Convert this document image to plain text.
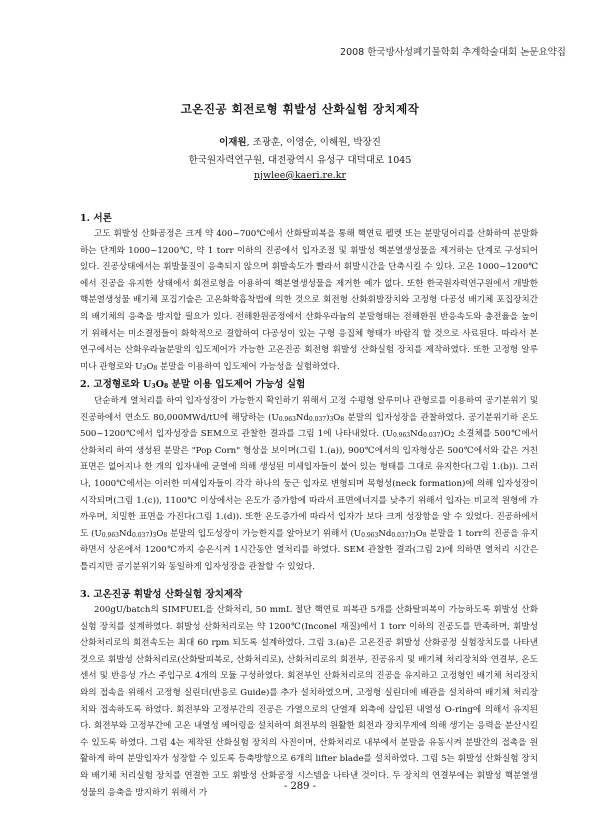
2008 한국방사성폐기물학회 추계학술대회 논문요약집
고온진공 회전로형 휘발성 산화실험 장치제작
이재원, 조광훈, 이영순, 이해원, 박장진
한국원자력연구원, 대전광역시 유성구 대덕대로 1045
njwlee@kaeri.re.kr
1. 서론
고도 휘발성 산화공정은 크게 약 400~700℃에서 산화탈피복을 통해 핵연료 펠렛 또는 분말덩어리를 산화하여 분말화 하는 단계와 1000~1200℃, 약 1 torr 이하의 진공에서 입자조절 및 휘발성 핵분열생성물을 제거하는 단계로 구성되어 있다. 진공상태에서는 휘발물질이 응축되지 않으며 휘발속도가 빨라서 휘발시간을 단축시킬 수 있다. 고온 1000~1200℃에서 진공을 유지한 상태에서 회전로형을 이용하여 핵분열생성물을 제거한 예가 없다. 또한 한국원자력연구원에서 개발한 핵분열생성물 배기체 포집기술은 고온화학흡착법에 의한 것으로 회전형 산화휘발장치와 고정형 다공성 배기체 포집장치간의 배기체의 응축을 방지할 필요가 있다. 전해환원공정에서 산화우라늄의 분말형태는 전해환원 반응속도와 충전율을 높이기 위해서는 미소결정들이 화학적으로 결합하여 다공성이 있는 구형 응집체 형태가 바람직 할 것으로 사료된다. 따라서 본 연구에서는 산화우라늄분말의 입도제어가 가능한 고온진공 회전형 휘발성 산화실험 장치를 제작하였다. 또한 고정형 알루미나 관형로와 $U_3O_8$ 분말을 이용하여 입도제어 가능성을 실험하였다.
2. 고정형로와 $U_3O_8$ 분말 이용 입도제어 가능성 실험
단순하게 열처리를 하여 입자성장이 가능한지 확인하기 위해서 고정 수평형 알루미나 관형로를 이용하여 공기분위기 및 진공하에서 연소도 80,000MWd/tU에 해당하는 $(U_{0.963}Nd_{0.037})_3O_8$ 분말의 입자성장을 관찰하였다. 공기분위기하 온도 500~1200℃에서 입자성장을 SEM으로 관찰한 결과를 그림 1에 나타내었다. $(U_{0.963}Nd_{0.037})O_2$ 소결체를 500℃에서 산화처리 하여 생성된 분말은 "Pop Corn" 형상을 보이며(그림 1.(a)), 900℃에서의 입자형상은 500℃에서와 같은 거친 표면은 없어지나 한 개의 입자내에 균열에 의해 생성된 미세입자들이 붙어 있는 형태를 그대로 유지한다(그림 1.(b)). 그러나, 1000℃에서는 이러한 미세입자들이 각각 하나의 둥근 입자로 변형되며 목형성(neck formation)에 의해 입자성장이 시작되며(그림 1.(c)), 1100℃ 이상에서는 온도가 증가함에 따라서 표면에너지를 낮추기 위해서 입자는 비교적 원형에 가까우며, 치밀한 표면을 가진다(그림 1.(d)). 또한 온도증가에 따라서 입자가 보다 크게 성장함을 알 수 있었다. 진공하에서도 $(U_{0.963}Nd_{0.037})_3O_8$ 분말의 입도성장이 가능한지를 알아보기 위해서 $(U_{0.963}Nd_{0.037})_3O_8$ 분말을 1 torr의 진공을 유지하면서 상온에서 1200℃까지 승온시켜 1시간동안 열처리를 하였다. SEM 관찰한 결과(그림 2)에 의하면 열처리 시간은 틀리지만 공기분위기와 동일하게 입자성장을 관찰할 수 있었다.
3. 고온진공 휘발성 산화실험 장치제작
200gU/batch의 SIMFUEL을 산화처리, 50 mmL 절단 핵연료 피복관 5개를 산화탈피복이 가능하도록 휘발성 산화실험 장치를 설계하였다. 휘발성 산화처리로는 약 1200℃(Inconel 재질)에서 1 torr 이하의 진공도를 만족하며, 휘발성 산화처리로의 회전속도는 최대 60 rpm 되도록 설계하였다. 그림 3.(a)은 고온진공 휘발성 산화공정 실험장치도를 나타낸 것으로 휘발성 산화처리로(산화탈피복로, 산화처리로), 산화처리로의 회전부, 진공유지 및 배기체 처리장치와 연결부, 온도센서 및 반응성 가스 주입구로 4개의 모듈 구성하였다. 회전부인 산화처리로의 진공을 유지하고 고정형인 배기체 처리장치와의 접속을 위해서 고정형 실린더(반응로 Guide)를 추가 설치하였으며, 고정형 실린더에 배관을 설치하여 배기체 처리장치와 접속하도록 하였다. 회전부와 고정부간의 진공은 가열으로의 단열재 외측에 삽입된 내열성 O-ring에 의해서 유지된다. 회전부와 고정부간에 고온 내열성 베어링을 설치하여 회전부의 원활한 회전과 장치무게에 의해 생기는 응력을 분산시킬 수 있도록 하였다. 그림 4는 제작된 산화실험 장치의 사진이며, 산화처리로 내부에서 분말을 유동시켜 분발간의 접촉을 원활하게 하여 분말입자가 성장할 수 있도록 등축방향으로 6개의 lifter blade를 설치하였다. 그림 5는 휘발성 산화실험 장치와 배기체 처리실험 장치를 연결한 고도 휘발성 산화공정 시스템을 나타낸 것이다. 두 장치의 연결부에는 휘발성 핵분열생성물의 응축을 방지하기 위해서 가
- 289 -
